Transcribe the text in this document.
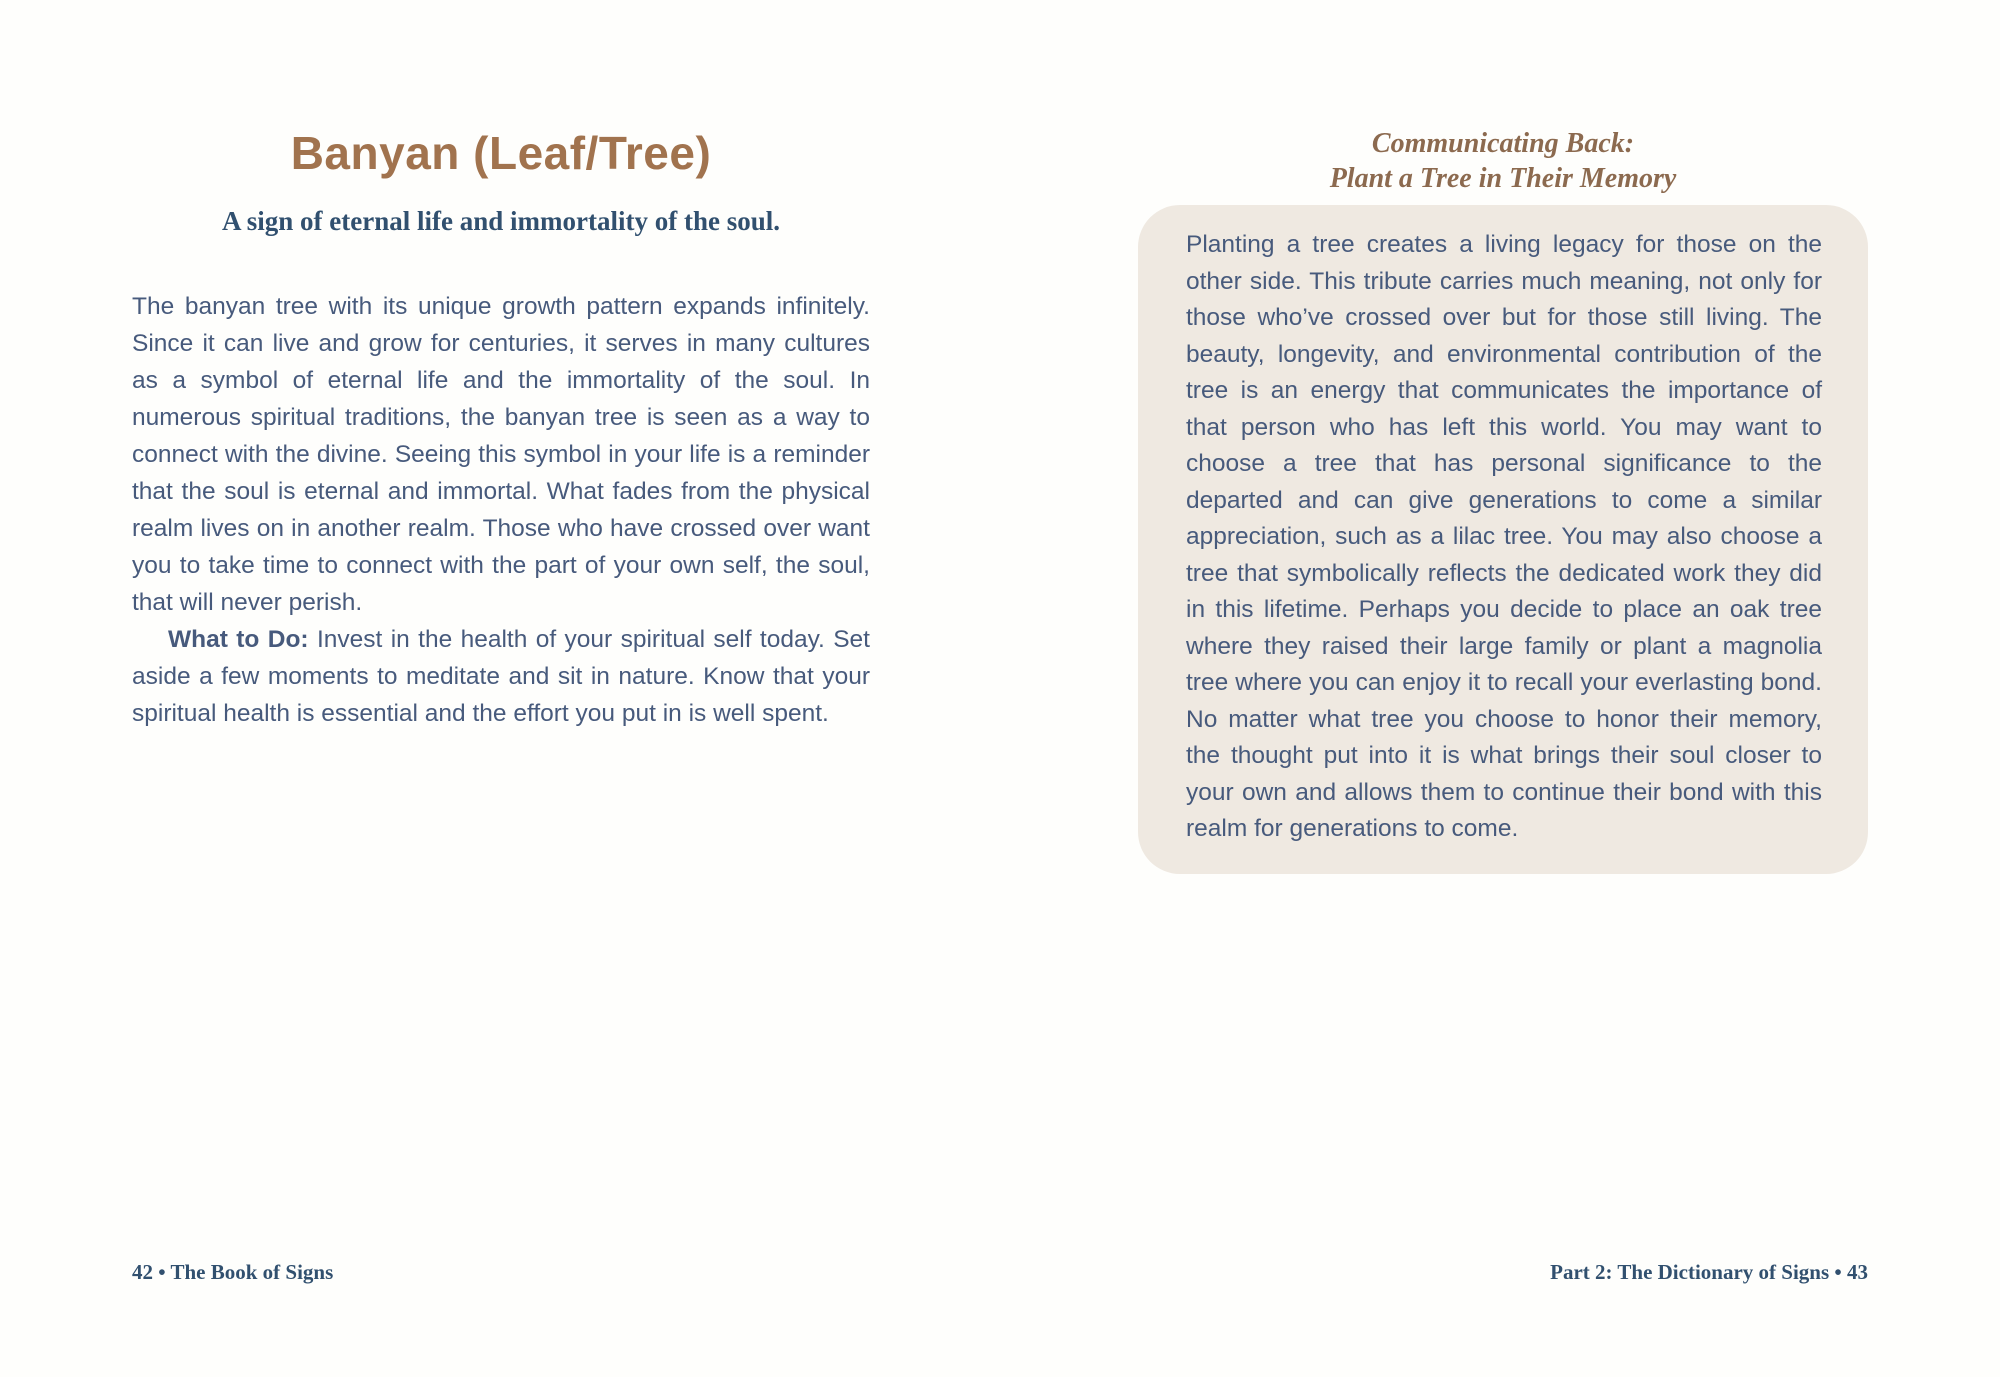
Banyan (Leaf/Tree)
A sign of eternal life and immortality of the soul.

The banyan tree with its unique growth pattern expands infinitely. Since it can live and grow for centuries, it serves in many cultures as a symbol of eternal life and the immortality of the soul. In numerous spiritual traditions, the banyan tree is seen as a way to connect with the divine. Seeing this symbol in your life is a reminder that the soul is eternal and immortal. What fades from the physical realm lives on in another realm. Those who have crossed over want you to take time to connect with the part of your own self, the soul, that will never perish.

What to Do: Invest in the health of your spiritual self today. Set aside a few moments to meditate and sit in nature. Know that your spiritual health is essential and the effort you put in is well spent.

42 • The Book of Signs
Communicating Back:
Plant a Tree in Their Memory

Planting a tree creates a living legacy for those on the other side. This tribute carries much meaning, not only for those who’ve crossed over but for those still living. The beauty, longevity, and environmental contribution of the tree is an energy that communicates the importance of that person who has left this world. You may want to choose a tree that has personal significance to the departed and can give generations to come a similar appreciation, such as a lilac tree. You may also choose a tree that symbolically reflects the dedicated work they did in this lifetime. Perhaps you decide to place an oak tree where they raised their large family or plant a magnolia tree where you can enjoy it to recall your everlasting bond. No matter what tree you choose to honor their memory, the thought put into it is what brings their soul closer to your own and allows them to continue their bond with this realm for generations to come.

Part 2: The Dictionary of Signs • 43
